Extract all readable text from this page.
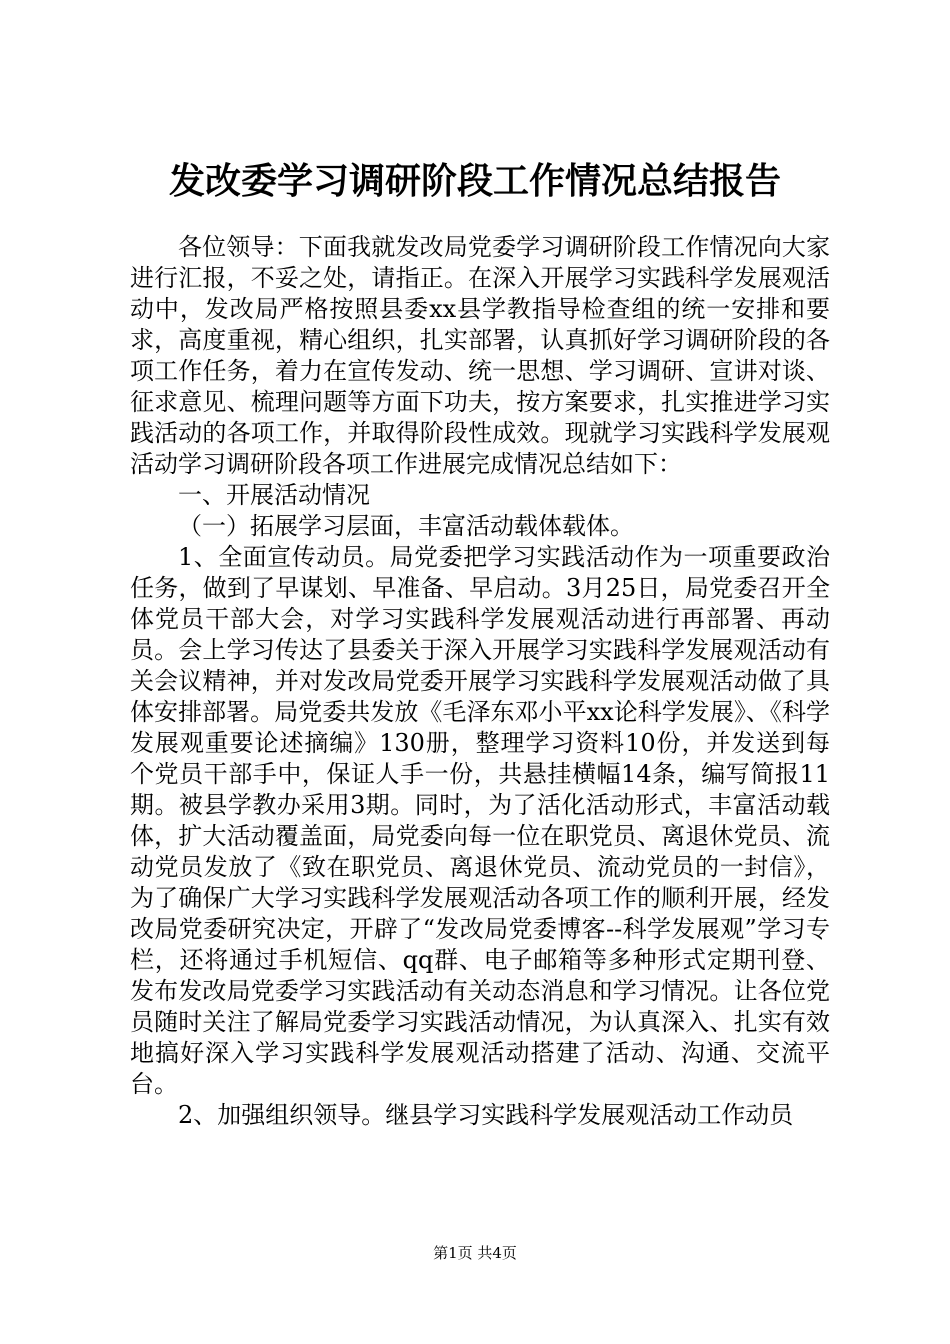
发改委学习调研阶段工作情况总结报告

各位领导：下面我就发改局党委学习调研阶段工作情况向大家进行汇报，不妥之处，请指正。在深入开展学习实践科学发展观活动中，发改局严格按照县委xx县学教指导检查组的统一安排和要求，高度重视，精心组织，扎实部署，认真抓好学习调研阶段的各项工作任务，着力在宣传发动、统一思想、学习调研、宣讲对谈、征求意见、梳理问题等方面下功夫，按方案要求，扎实推进学习实践活动的各项工作，并取得阶段性成效。现就学习实践科学发展观活动学习调研阶段各项工作进展完成情况总结如下：

一、开展活动情况

（一）拓展学习层面，丰富活动载体载体。

1、全面宣传动员。局党委把学习实践活动作为一项重要政治任务，做到了早谋划、早准备、早启动。3月25日，局党委召开全体党员干部大会，对学习实践科学发展观活动进行再部署、再动员。会上学习传达了县委关于深入开展学习实践科学发展观活动有关会议精神，并对发改局党委开展学习实践科学发展观活动做了具体安排部署。局党委共发放《毛泽东邓小平xx论科学发展》、《科学发展观重要论述摘编》130册，整理学习资料10份，并发送到每个党员干部手中，保证人手一份，共悬挂横幅14条，编写简报11期。被县学教办采用3期。同时，为了活化活动形式，丰富活动载体，扩大活动覆盖面，局党委向每一位在职党员、离退休党员、流动党员发放了《致在职党员、离退休党员、流动党员的一封信》，为了确保广大学习实践科学发展观活动各项工作的顺利开展，经发改局党委研究决定，开辟了“发改局党委博客--科学发展观”学习专栏，还将通过手机短信、qq群、电子邮箱等多种形式定期刊登、发布发改局党委学习实践活动有关动态消息和学习情况。让各位党员随时关注了解局党委学习实践活动情况，为认真深入、扎实有效地搞好深入学习实践科学发展观活动搭建了活动、沟通、交流平台。

2、加强组织领导。继县学习实践科学发展观活动工作动员

第1页 共4页
